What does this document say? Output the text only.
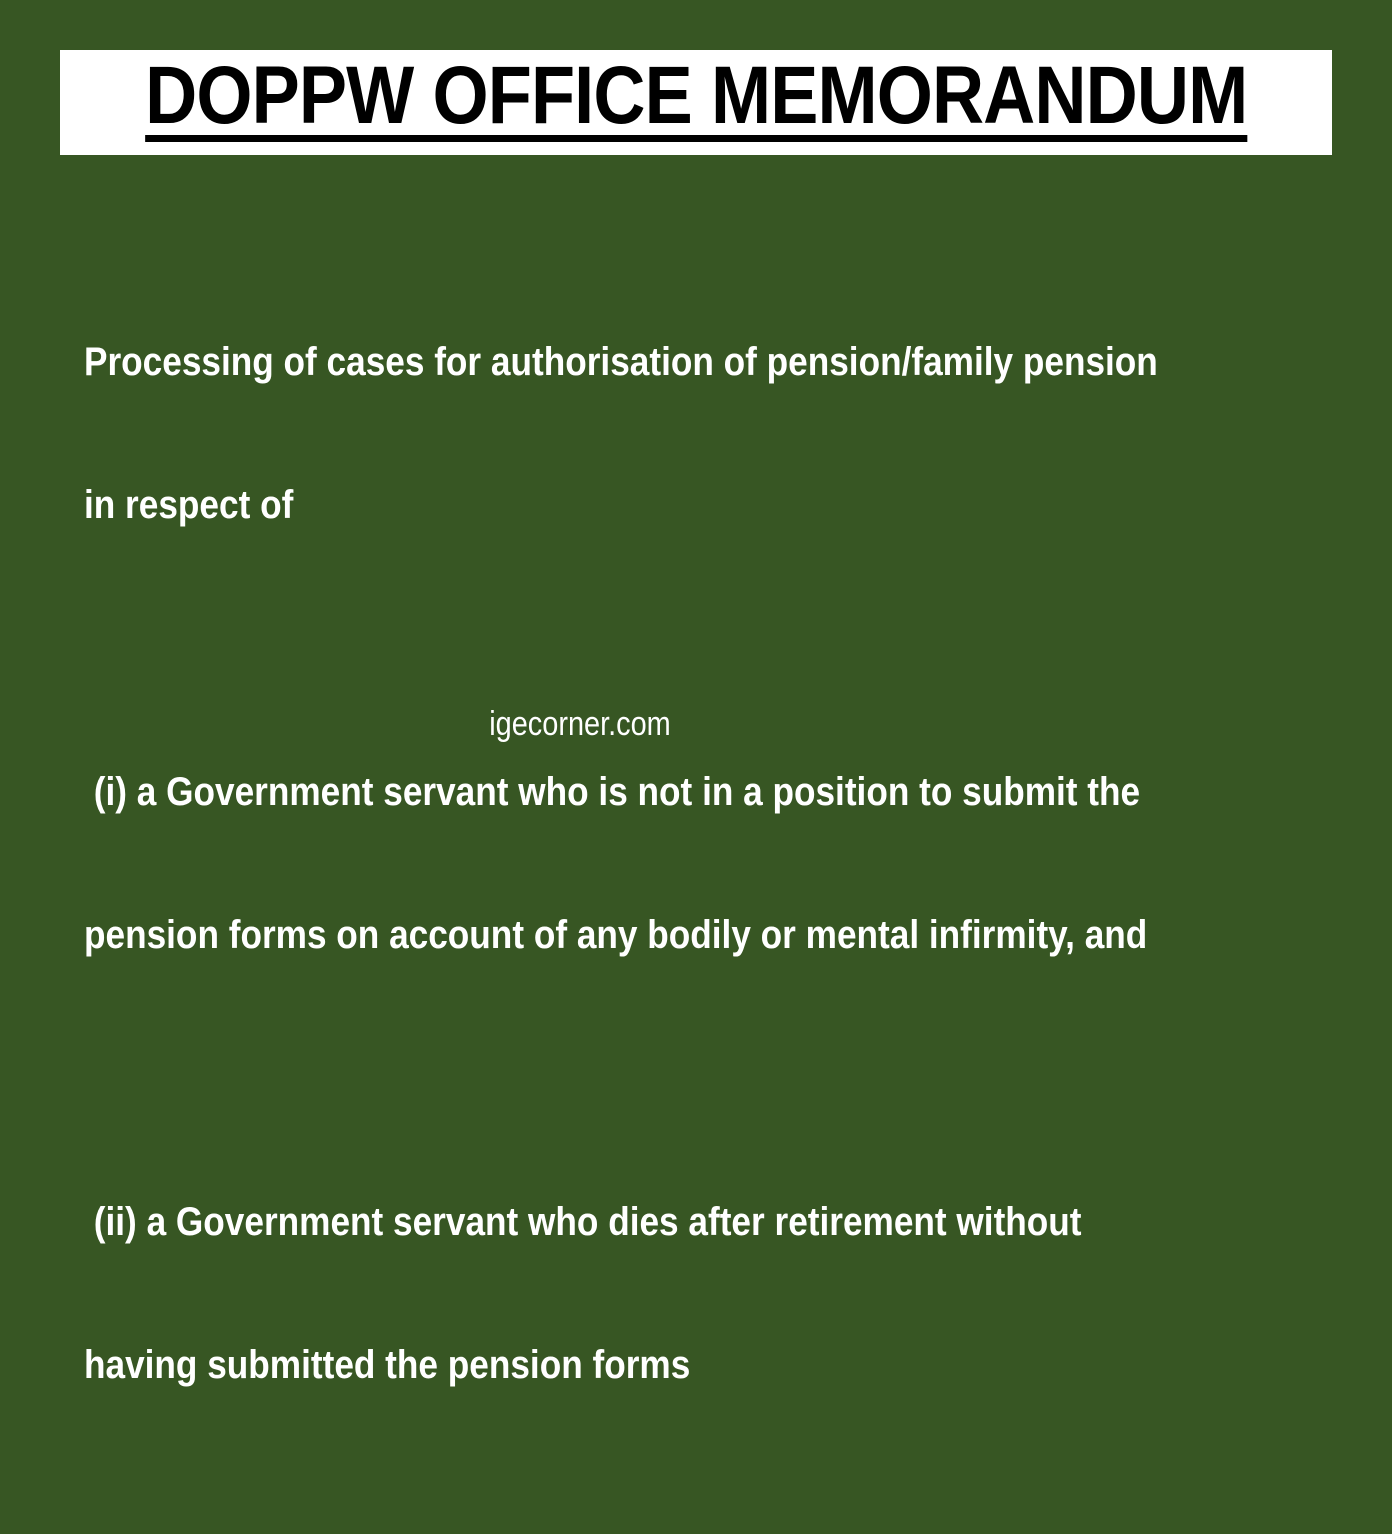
DOPPW OFFICE MEMORANDUM

Processing of cases for authorisation of pension/family pension

in respect of

(i) a Government servant who is not in a position to submit the

pension forms on account of any bodily or mental infirmity, and

(ii) a Government servant who dies after retirement without

having submitted the pension forms

igecorner.com
